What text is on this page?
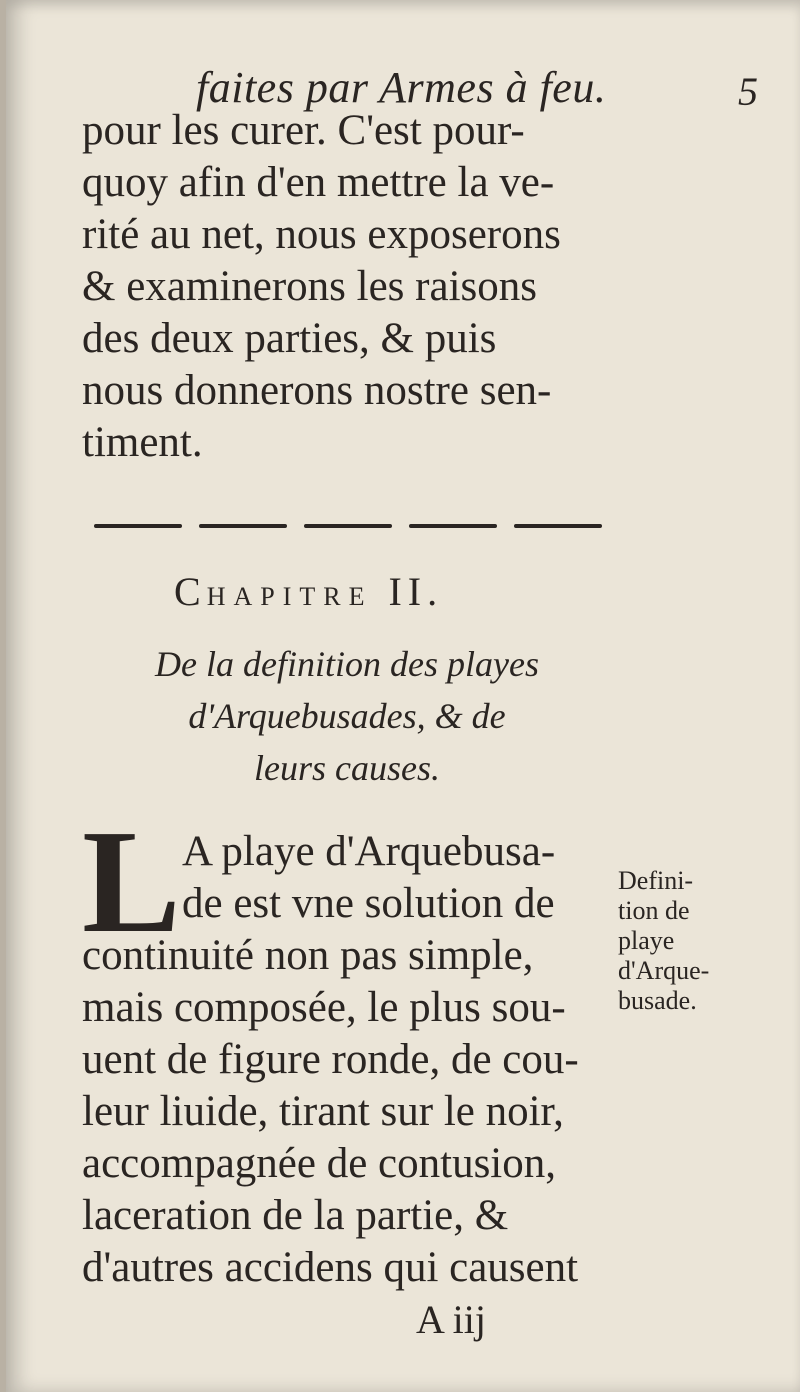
faites par Armes à feu.	5
pour les curer. C'est pour-
quoy afin d'en mettre la ve-
rité au net, nous exposerons
& examinerons les raisons
des deux parties, & puis
nous donnerons nostre sen-
timent.
CHAPITRE II.
De la definition des playes
d'Arquebusades, & de
leurs causes.
L A playe d'Arquebusa-
de est vne solution de
continuité non pas simple,
mais composée, le plus sou-
uent de figure ronde, de cou-
leur liuide, tirant sur le noir,
accompagnée de contusion,
laceration de la partie, &
d'autres accidens qui causent
Defini-
tion de
playe
d'Arque-
busade.
A iij
